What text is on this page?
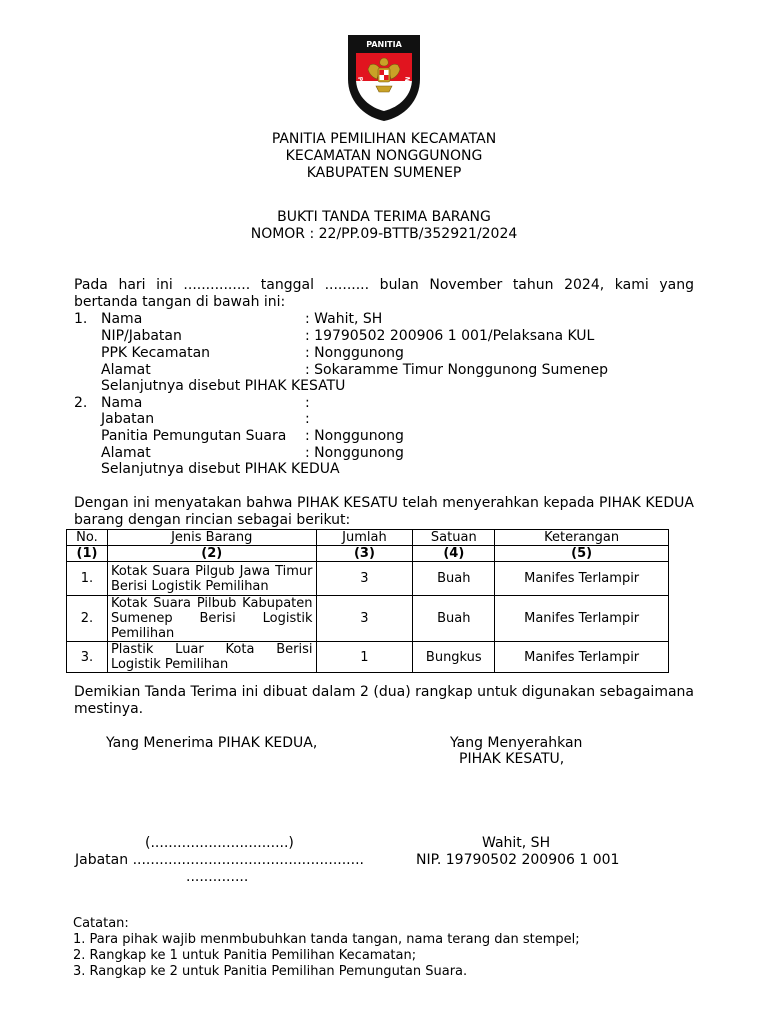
PANITIA
PEMILIHAN KECAMATAN
PANITIA PEMILIHAN KECAMATAN
KECAMATAN NONGGUNONG
KABUPATEN SUMENEP
BUKTI TANDA TERIMA BARANG
NOMOR : 22/PP.09-BTTB/352921/2024
Pada hari ini ............... tanggal .......... bulan November tahun 2024, kami yang bertanda tangan di bawah ini:
1. Nama	: Wahit, SH
NIP/Jabatan	: 19790502 200906 1 001/Pelaksana KUL
PPK Kecamatan	: Nonggunong
Alamat	: Sokaramme Timur Nonggunong Sumenep
Selanjutnya disebut PIHAK KESATU
2. Nama	:
Jabatan	:
Panitia Pemungutan Suara : Nonggunong
Alamat	: Nonggunong
Selanjutnya disebut PIHAK KEDUA
Dengan ini menyatakan bahwa PIHAK KESATU telah menyerahkan kepada PIHAK KEDUA barang dengan rincian sebagai berikut:
No.	Jenis Barang	Jumlah	Satuan	Keterangan
(1)	(2)	(3)	(4)	(5)
1.	Kotak Suara Pilgub Jawa Timur Berisi Logistik Pemilihan	3	Buah	Manifes Terlampir
2.	Kotak Suara Pilbub Kabupaten Sumenep Berisi Logistik Pemilihan	3	Buah	Manifes Terlampir
3.	Plastik Luar Kota Berisi Logistik Pemilihan	1	Bungkus	Manifes Terlampir
Demikian Tanda Terima ini dibuat dalam 2 (dua) rangkap untuk digunakan sebagaimana mestinya.
Yang Menerima PIHAK KEDUA,	Yang Menyerahkan
PIHAK KESATU,
(...............................)
Jabatan ....................................................
..............
Wahit, SH
NIP. 19790502 200906 1 001
Catatan:
1. Para pihak wajib menmbubuhkan tanda tangan, nama terang dan stempel;
2. Rangkap ke 1 untuk Panitia Pemilihan Kecamatan;
3. Rangkap ke 2 untuk Panitia Pemilihan Pemungutan Suara.
